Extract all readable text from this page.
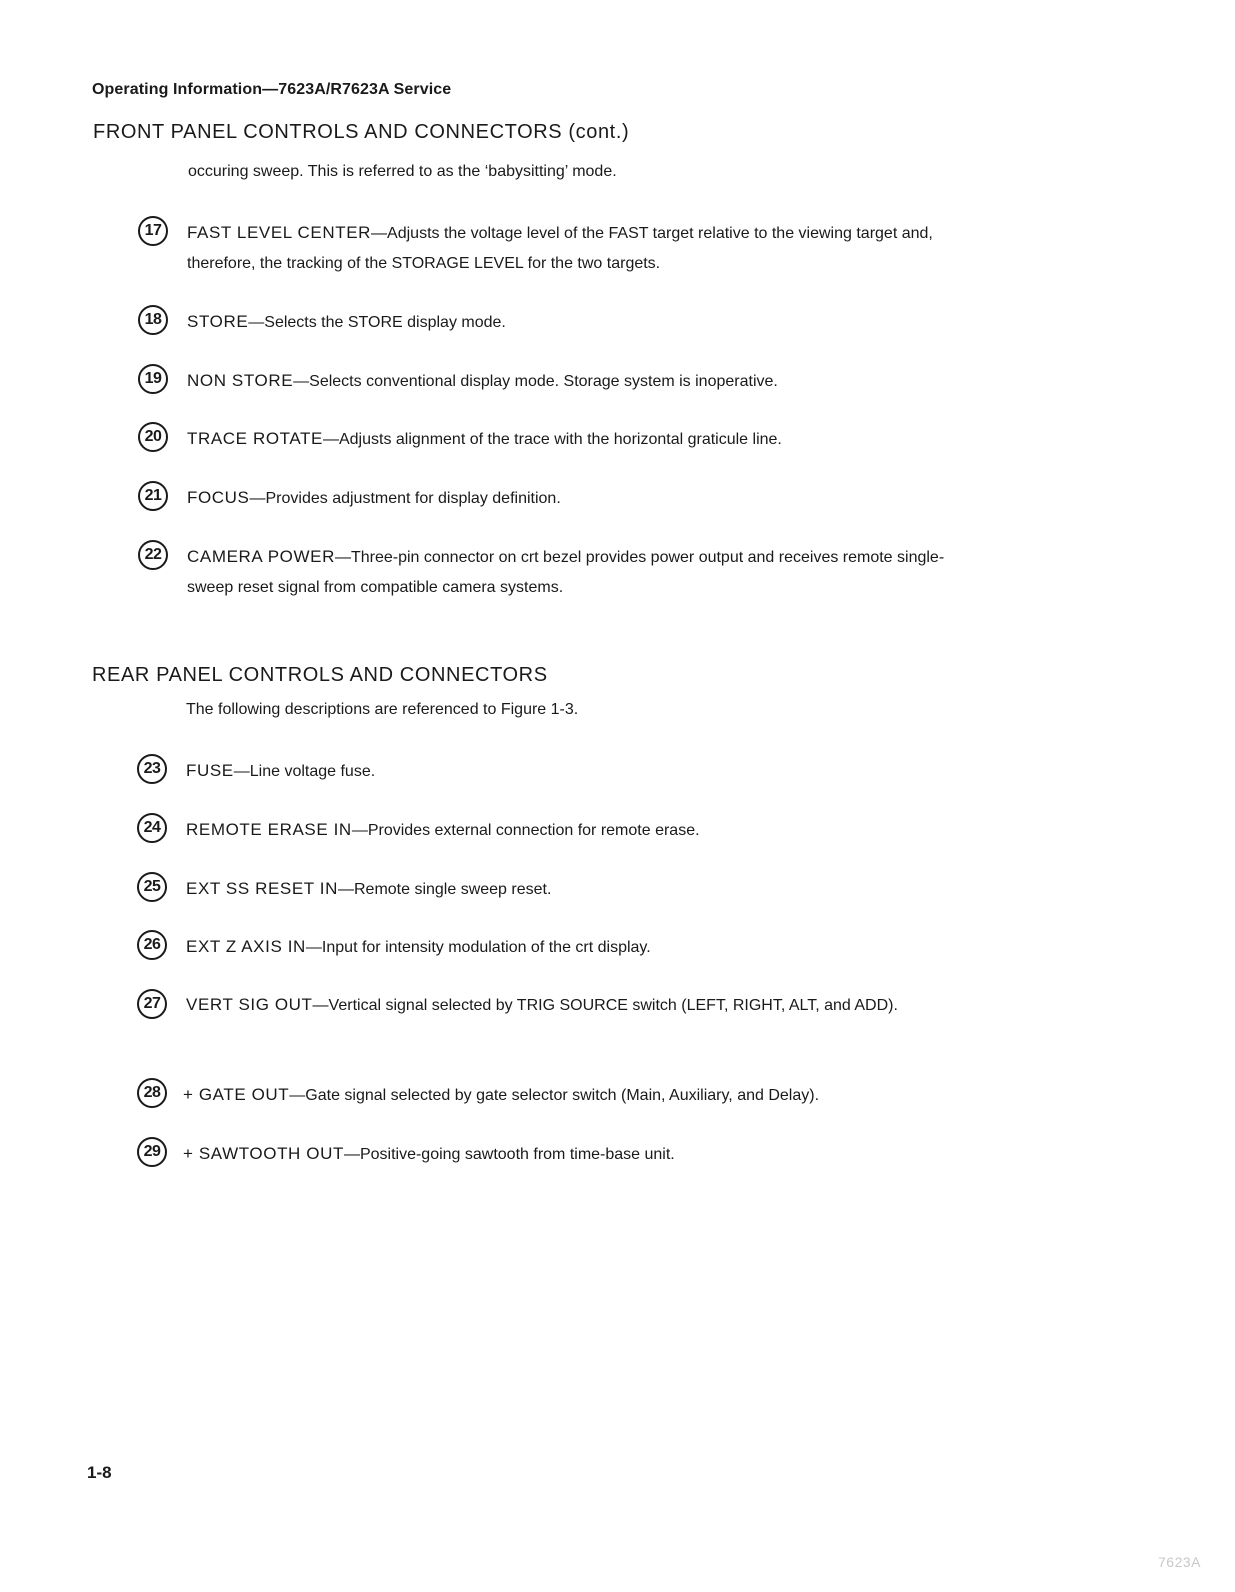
Operating Information—7623A/R7623A Service
FRONT PANEL CONTROLS AND CONNECTORS (cont.)
occuring sweep. This is referred to as the ‘babysitting’ mode.
17	FAST LEVEL CENTER—Adjusts the voltage level of the FAST target relative to the viewing target and, therefore, the tracking of the STORAGE LEVEL for the two targets.
18	STORE—Selects the STORE display mode.
19	NON STORE—Selects conventional display mode. Storage system is inoperative.
20	TRACE ROTATE—Adjusts alignment of the trace with the horizontal graticule line.
21	FOCUS—Provides adjustment for display definition.
22	CAMERA POWER—Three-pin connector on crt bezel provides power output and receives remote single-sweep reset signal from compatible camera systems.
REAR PANEL CONTROLS AND CONNECTORS
The following descriptions are referenced to Figure 1-3.
23	FUSE—Line voltage fuse.
24	REMOTE ERASE IN—Provides external connection for remote erase.
25	EXT SS RESET IN—Remote single sweep reset.
26	EXT Z AXIS IN—Input for intensity modulation of the crt display.
27	VERT SIG OUT—Vertical signal selected by TRIG SOURCE switch (LEFT, RIGHT, ALT, and ADD).
28	+ GATE OUT—Gate signal selected by gate selector switch (Main, Auxiliary, and Delay).
29	+ SAWTOOTH OUT—Positive-going sawtooth from time-base unit.
1-8
7623A
